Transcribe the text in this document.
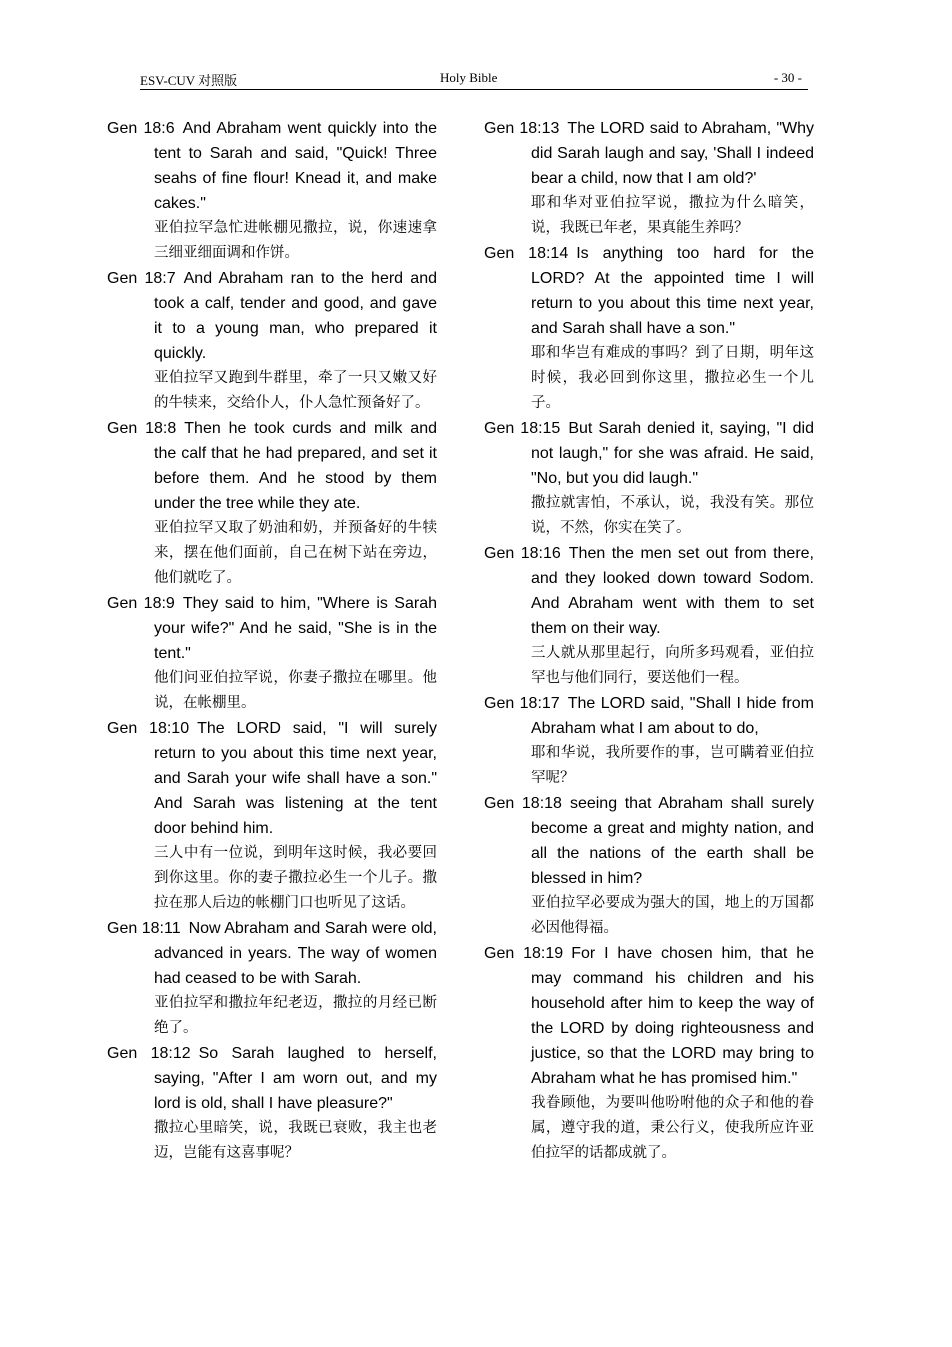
ESV-CUV 对照版	Holy Bible	- 30 -
Gen 18:6 And Abraham went quickly into the tent to Sarah and said, "Quick! Three seahs of fine flour! Knead it, and make cakes."
亚伯拉罕急忙进帐棚见撒拉，说，你速速拿三细亚细面调和作饼。
Gen 18:7 And Abraham ran to the herd and took a calf, tender and good, and gave it to a young man, who prepared it quickly.
亚伯拉罕又跑到牛群里，牵了一只又嫩又好的牛犊来，交给仆人，仆人急忙预备好了。
Gen 18:8 Then he took curds and milk and the calf that he had prepared, and set it before them. And he stood by them under the tree while they ate.
亚伯拉罕又取了奶油和奶，并预备好的牛犊来，摆在他们面前，自己在树下站在旁边，他们就吃了。
Gen 18:9 They said to him, "Where is Sarah your wife?" And he said, "She is in the tent."
他们问亚伯拉罕说，你妻子撒拉在哪里。他说，在帐棚里。
Gen 18:10 The LORD said, "I will surely return to you about this time next year, and Sarah your wife shall have a son." And Sarah was listening at the tent door behind him.
三人中有一位说，到明年这时候，我必要回到你这里。你的妻子撒拉必生一个儿子。撒拉在那人后边的帐棚门口也听见了这话。
Gen 18:11 Now Abraham and Sarah were old, advanced in years. The way of women had ceased to be with Sarah.
亚伯拉罕和撒拉年纪老迈，撒拉的月经已断绝了。
Gen 18:12 So Sarah laughed to herself, saying, "After I am worn out, and my lord is old, shall I have pleasure?"
撒拉心里暗笑，说，我既已衰败，我主也老迈，岂能有这喜事呢？
Gen 18:13 The LORD said to Abraham, "Why did Sarah laugh and say, 'Shall I indeed bear a child, now that I am old?'
耶和华对亚伯拉罕说，撒拉为什么暗笑，说，我既已年老，果真能生养吗？
Gen 18:14 Is anything too hard for the LORD? At the appointed time I will return to you about this time next year, and Sarah shall have a son."
耶和华岂有难成的事吗？到了日期，明年这时候，我必回到你这里，撒拉必生一个儿子。
Gen 18:15 But Sarah denied it, saying, "I did not laugh," for she was afraid. He said, "No, but you did laugh."
撒拉就害怕，不承认，说，我没有笑。那位说，不然，你实在笑了。
Gen 18:16 Then the men set out from there, and they looked down toward Sodom. And Abraham went with them to set them on their way.
三人就从那里起行，向所多玛观看，亚伯拉罕也与他们同行，要送他们一程。
Gen 18:17 The LORD said, "Shall I hide from Abraham what I am about to do,
耶和华说，我所要作的事，岂可瞒着亚伯拉罕呢？
Gen 18:18 seeing that Abraham shall surely become a great and mighty nation, and all the nations of the earth shall be blessed in him?
亚伯拉罕必要成为强大的国，地上的万国都必因他得福。
Gen 18:19 For I have chosen him, that he may command his children and his household after him to keep the way of the LORD by doing righteousness and justice, so that the LORD may bring to Abraham what he has promised him."
我眷顾他，为要叫他吩咐他的众子和他的眷属，遵守我的道，秉公行义，使我所应许亚伯拉罕的话都成就了。
